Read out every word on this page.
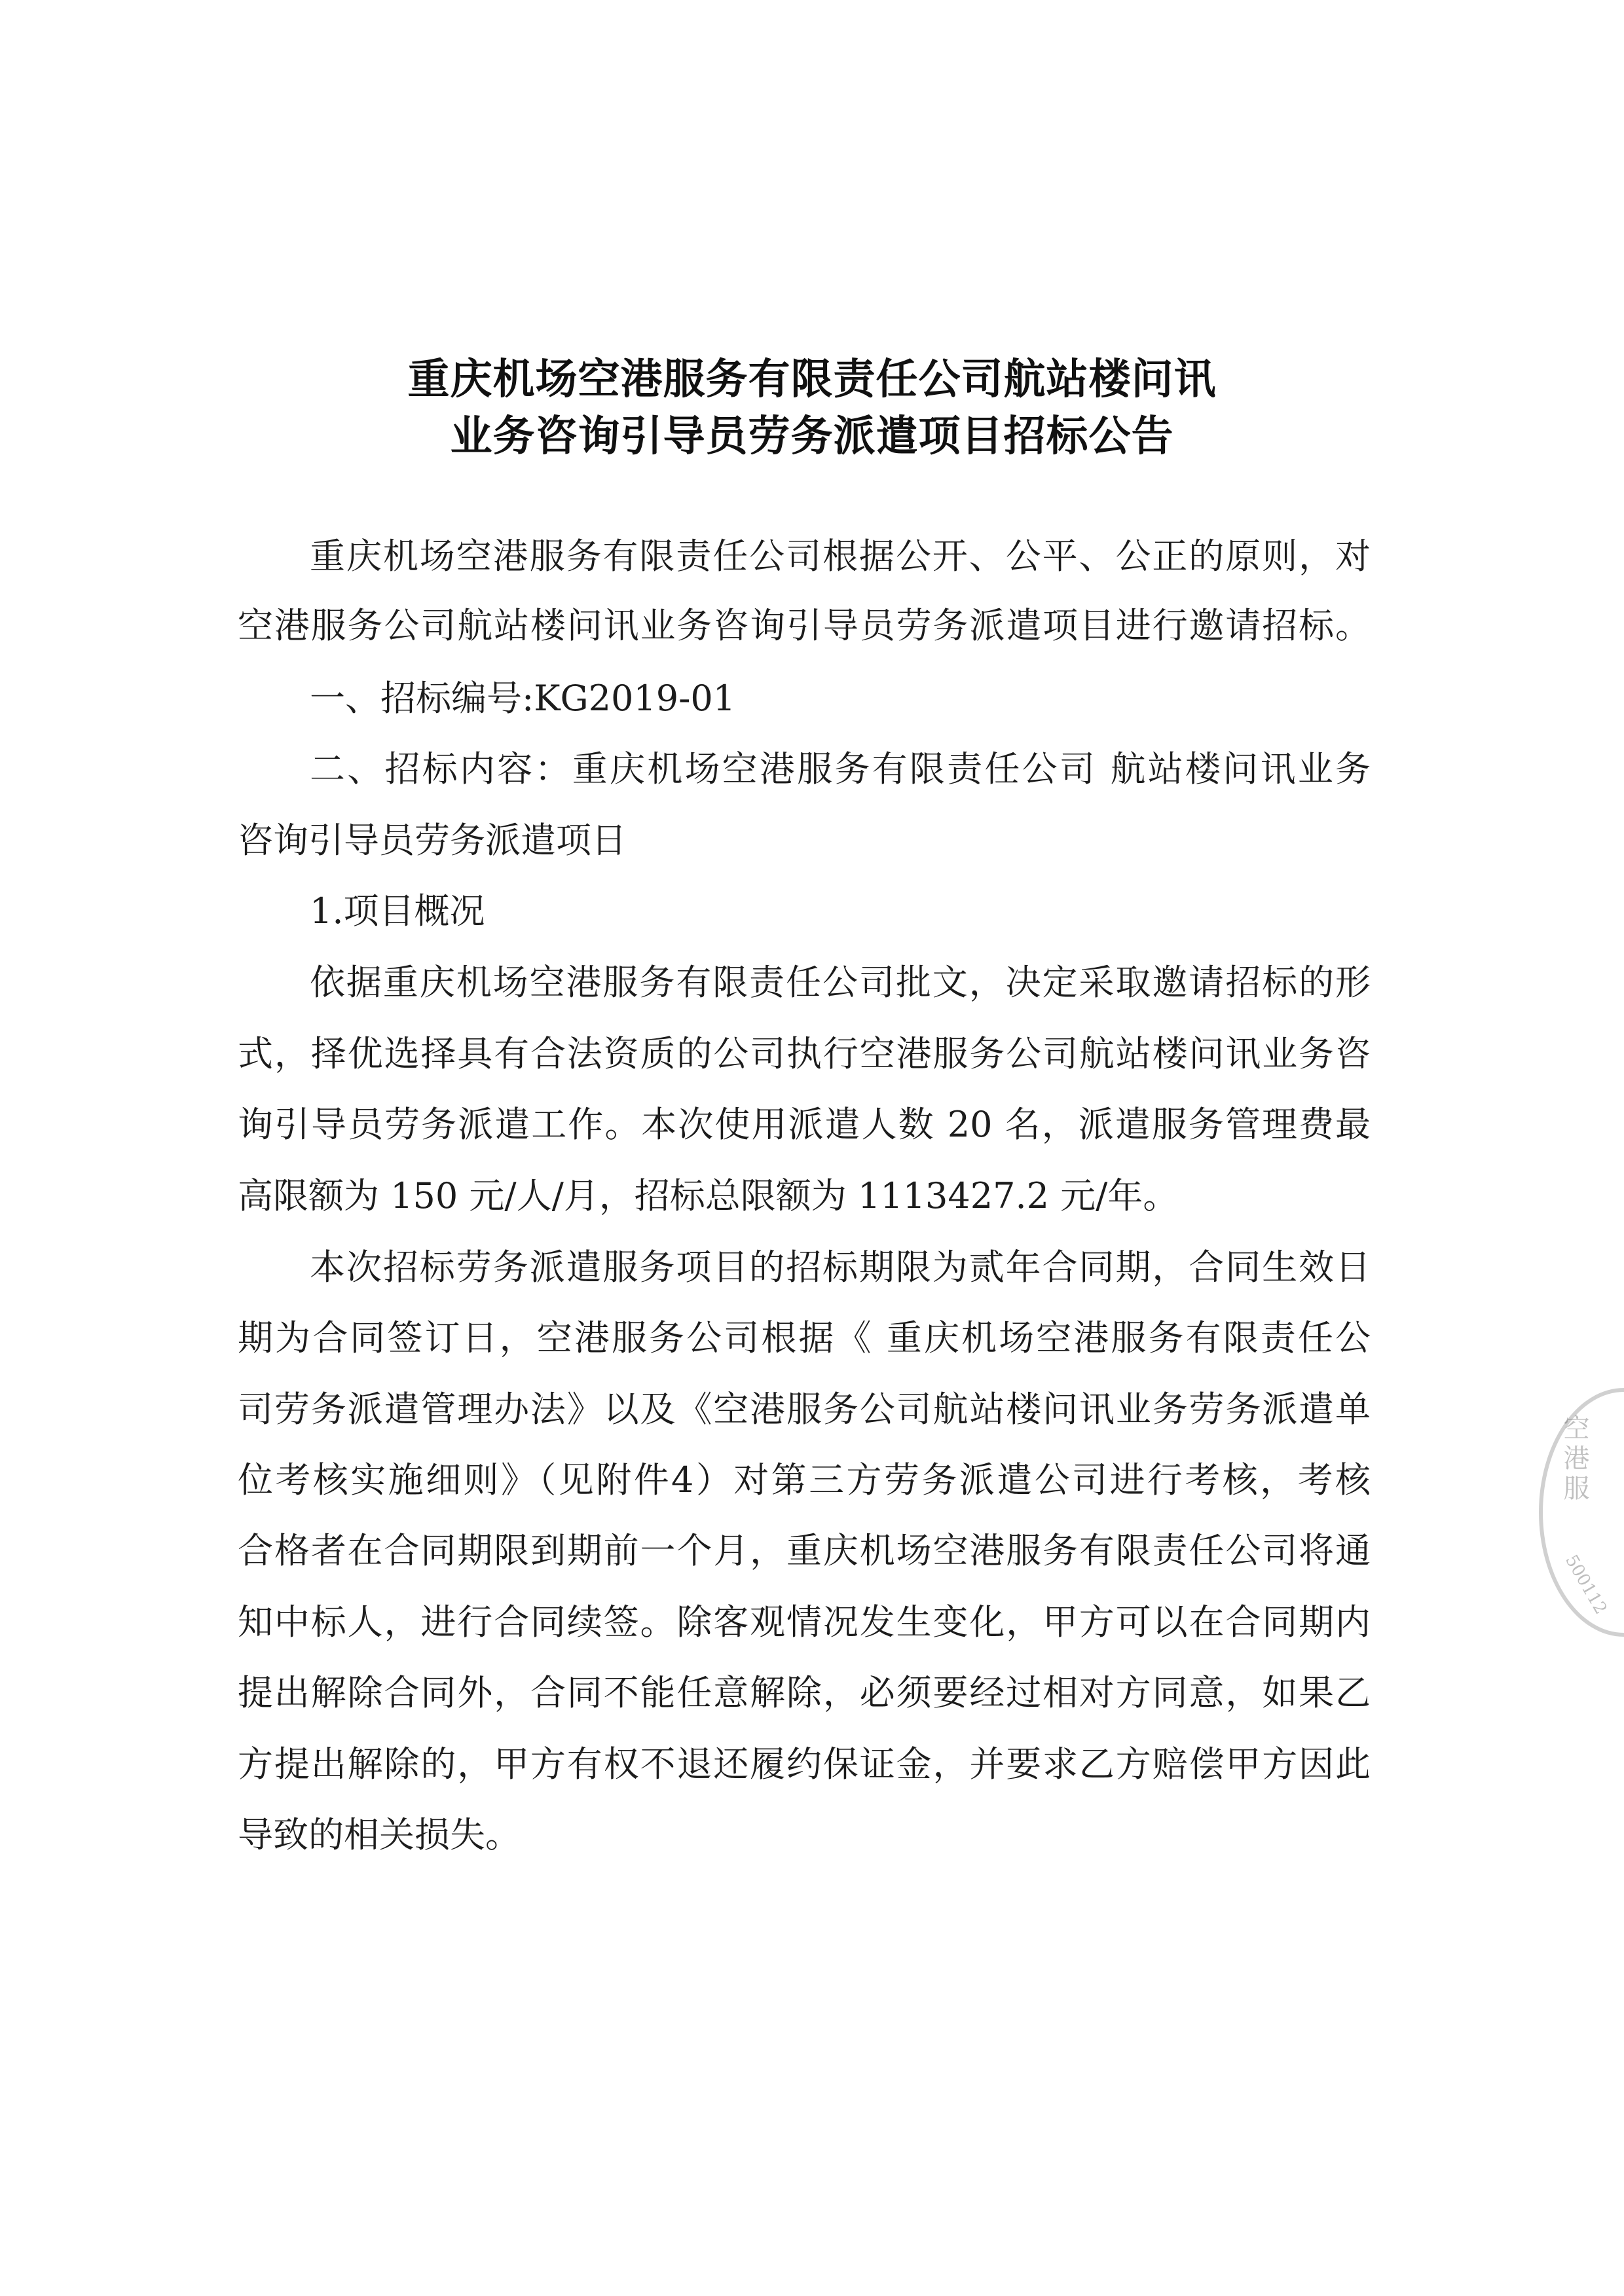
重庆机场空港服务有限责任公司航站楼问讯
业务咨询引导员劳务派遣项目招标公告
重庆机场空港服务有限责任公司根据公开、公平、公正的原则，对
空港服务公司航站楼问讯业务咨询引导员劳务派遣项目进行邀请招标。
一、招标编号:KG2019-01
二、招标内容：重庆机场空港服务有限责任公司 航站楼问讯业务
咨询引导员劳务派遣项日
1.项目概况
依据重庆机场空港服务有限责任公司批文，决定采取邀请招标的形
式，择优选择具有合法资质的公司执行空港服务公司航站楼问讯业务咨
询引导员劳务派遣工作。本次使用派遣人数 20 名，派遣服务管理费最
高限额为 150 元/人/月，招标总限额为 1113427.2 元/年。
本次招标劳务派遣服务项目的招标期限为贰年合同期，合同生效日
期为合同签订日，空港服务公司根据《 重庆机场空港服务有限责任公
司劳务派遣管理办法》以及《空港服务公司航站楼问讯业务劳务派遣单
位考核实施细则》（见附件4）对第三方劳务派遣公司进行考核，考核
合格者在合同期限到期前一个月，重庆机场空港服务有限责任公司将通
知中标人，进行合同续签。除客观情况发生变化，甲方可以在合同期内
提出解除合同外，合同不能任意解除，必须要经过相对方同意，如果乙
方提出解除的，甲方有权不退还履约保证金，并要求乙方赔偿甲方因此
导致的相关损失。
空港服
500112
